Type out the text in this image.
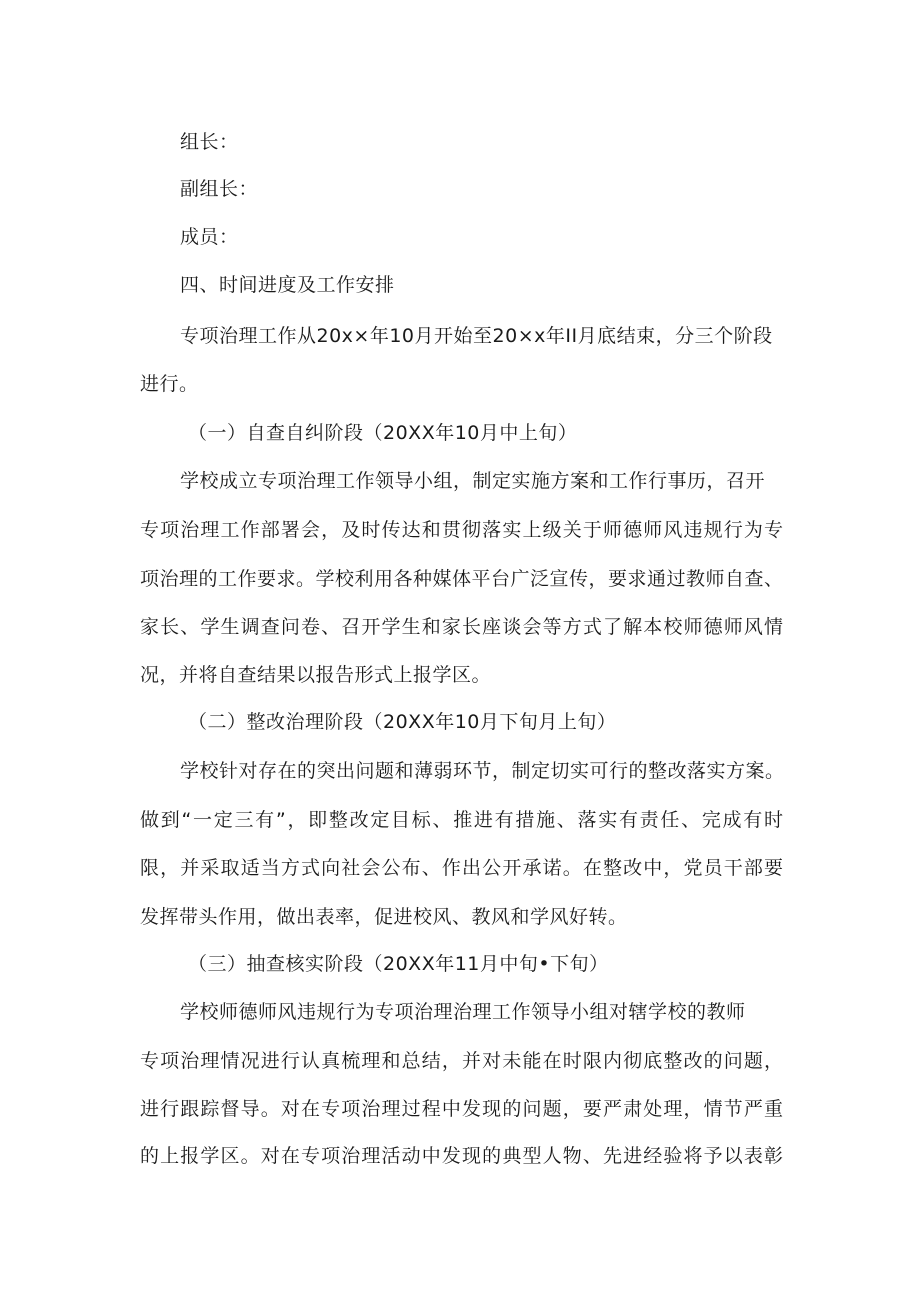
组长：
副组长：
成员：
四、时间进度及工作安排
专项治理工作从20x×年10月开始至20×x年II月底结束，分三个阶段
进行。
（一）自查自纠阶段（20XX年10月中上旬）
学校成立专项治理工作领导小组，制定实施方案和工作行事历，召开
专项治理工作部署会，及时传达和贯彻落实上级关于师德师风违规行为专
项治理的工作要求。学校利用各种媒体平台广泛宣传，要求通过教师自查、
家长、学生调查问卷、召开学生和家长座谈会等方式了解本校师德师风情
况，并将自查结果以报告形式上报学区。
（二）整改治理阶段（20XX年10月下旬月上旬）
学校针对存在的突出问题和薄弱环节，制定切实可行的整改落实方案。
做到“一定三有”，即整改定目标、推进有措施、落实有责任、完成有时
限，并采取适当方式向社会公布、作出公开承诺。在整改中，党员干部要
发挥带头作用，做出表率，促进校风、教风和学风好转。
（三）抽查核实阶段（20XX年11月中旬•下旬）
学校师德师风违规行为专项治理治理工作领导小组对辖学校的教师
专项治理情况进行认真梳理和总结，并对未能在时限内彻底整改的问题，
进行跟踪督导。对在专项治理过程中发现的问题，要严肃处理，情节严重
的上报学区。对在专项治理活动中发现的典型人物、先进经验将予以表彰
